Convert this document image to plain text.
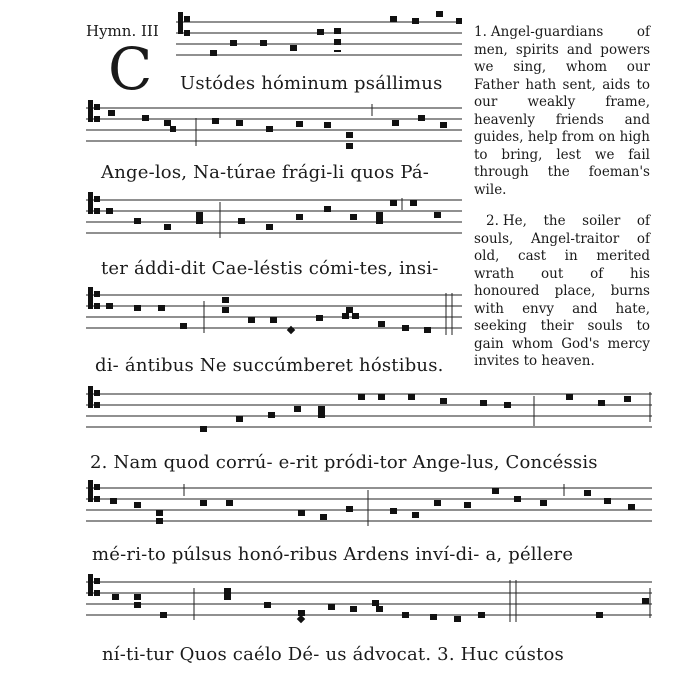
Hymn. III
C Ustódes hóminum psállimus
Ange-los, Na-túrae frági-li quos Pá-
ter áddi-dit Cae-léstis cómi-tes, insi-
di- ántibus Ne succúmberet hóstibus.

1. Angel-guardians of men, spirits and powers we sing, whom our Father hath sent, aids to our weakly frame, heavenly friends and guides, help from on high to bring, lest we fail through the foeman's wile.

2. He, the soiler of souls, Angel-traitor of old, cast in merited wrath out of his honoured place, burns with envy and hate, seeking their souls to gain whom God's mercy invites to heaven.

2. Nam quod corrú- e-rit pródi-tor Ange-lus, Concéssis
mé-ri-to púlsus honó-ribus Ardens inví-di- a, péllere
ní-ti-tur Quos caélo Dé- us ádvocat. 3. Huc cústos
